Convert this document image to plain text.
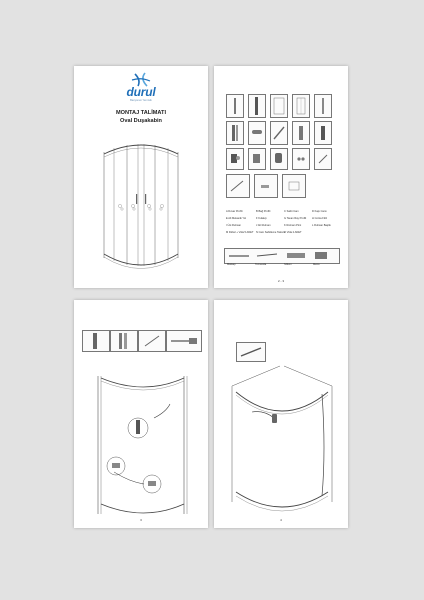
durul
Banyonun Yeni Adı
MONTAJ TALİMATI
Oval Duşakabin
A Duvar Profili	B Bağ Profili	C Sabit Cam	D Kapı Camı
E Alt Mekanik Yol	F Kulakçı	G Tavan Ray Profili H Conta Fitili
I Üst Rulman	J Alt Rulman	K Rulman Pimi	L Rulman Başlık
M Dübel + Vida 5 ADET N Cam Sabitleme Takozu
O Vida 2 ADET
Matkap	Tornavida	Silikon	Metre
2 - 3
3	4
